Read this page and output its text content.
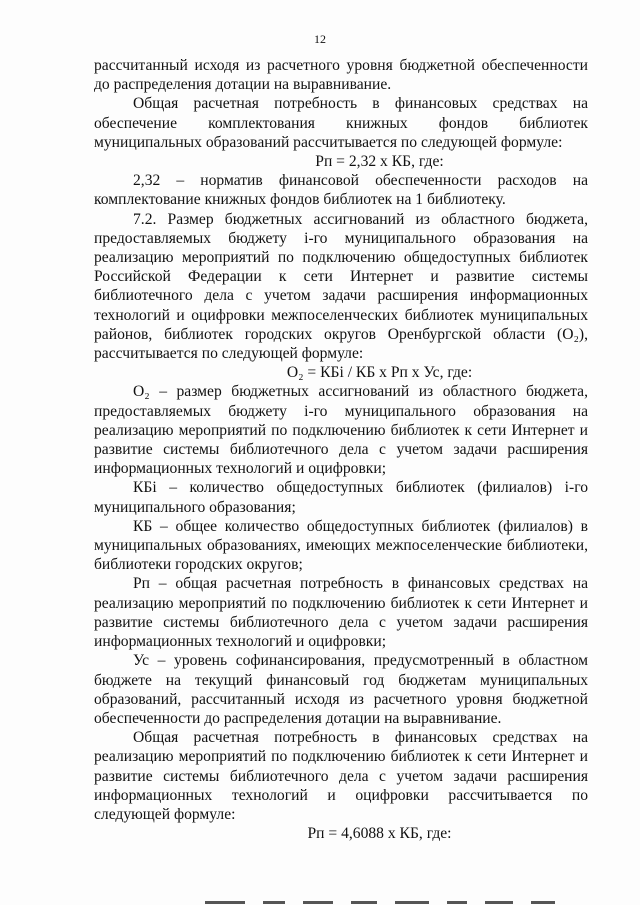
12

рассчитанный исходя из расчетного уровня бюджетной обеспеченности до распределения дотации на выравнивание.

Общая расчетная потребность в финансовых средствах на обеспечение комплектования книжных фондов библиотек муниципальных образований рассчитывается по следующей формуле:

Рп = 2,32 х КБ, где:

2,32 – норматив финансовой обеспеченности расходов на комплектование книжных фондов библиотек на 1 библиотеку.

7.2. Размер бюджетных ассигнований из областного бюджета, предоставляемых бюджету i-го муниципального образования на реализацию мероприятий по подключению общедоступных библиотек Российской Федерации к сети Интернет и развитие системы библиотечного дела с учетом задачи расширения информационных технологий и оцифровки межпоселенческих библиотек муниципальных районов, библиотек городских округов Оренбургской области (О₂), рассчитывается по следующей формуле:

О₂ = КБi / КБ х Рп х Ус, где:

О₂ – размер бюджетных ассигнований из областного бюджета, предоставляемых бюджету i-го муниципального образования на реализацию мероприятий по подключению библиотек к сети Интернет и развитие системы библиотечного дела с учетом задачи расширения информационных технологий и оцифровки;

КБi – количество общедоступных библиотек (филиалов) i-го муниципального образования;

КБ – общее количество общедоступных библиотек (филиалов) в муниципальных образованиях, имеющих межпоселенческие библиотеки, библиотеки городских округов;

Рп – общая расчетная потребность в финансовых средствах на реализацию мероприятий по подключению библиотек к сети Интернет и развитие системы библиотечного дела с учетом задачи расширения информационных технологий и оцифровки;

Ус – уровень софинансирования, предусмотренный в областном бюджете на текущий финансовый год бюджетам муниципальных образований, рассчитанный исходя из расчетного уровня бюджетной обеспеченности до распределения дотации на выравнивание.

Общая расчетная потребность в финансовых средствах на реализацию мероприятий по подключению библиотек к сети Интернет и развитие системы библиотечного дела с учетом задачи расширения информационных технологий и оцифровки рассчитывается по следующей формуле:

Рп = 4,6088 х КБ, где:
